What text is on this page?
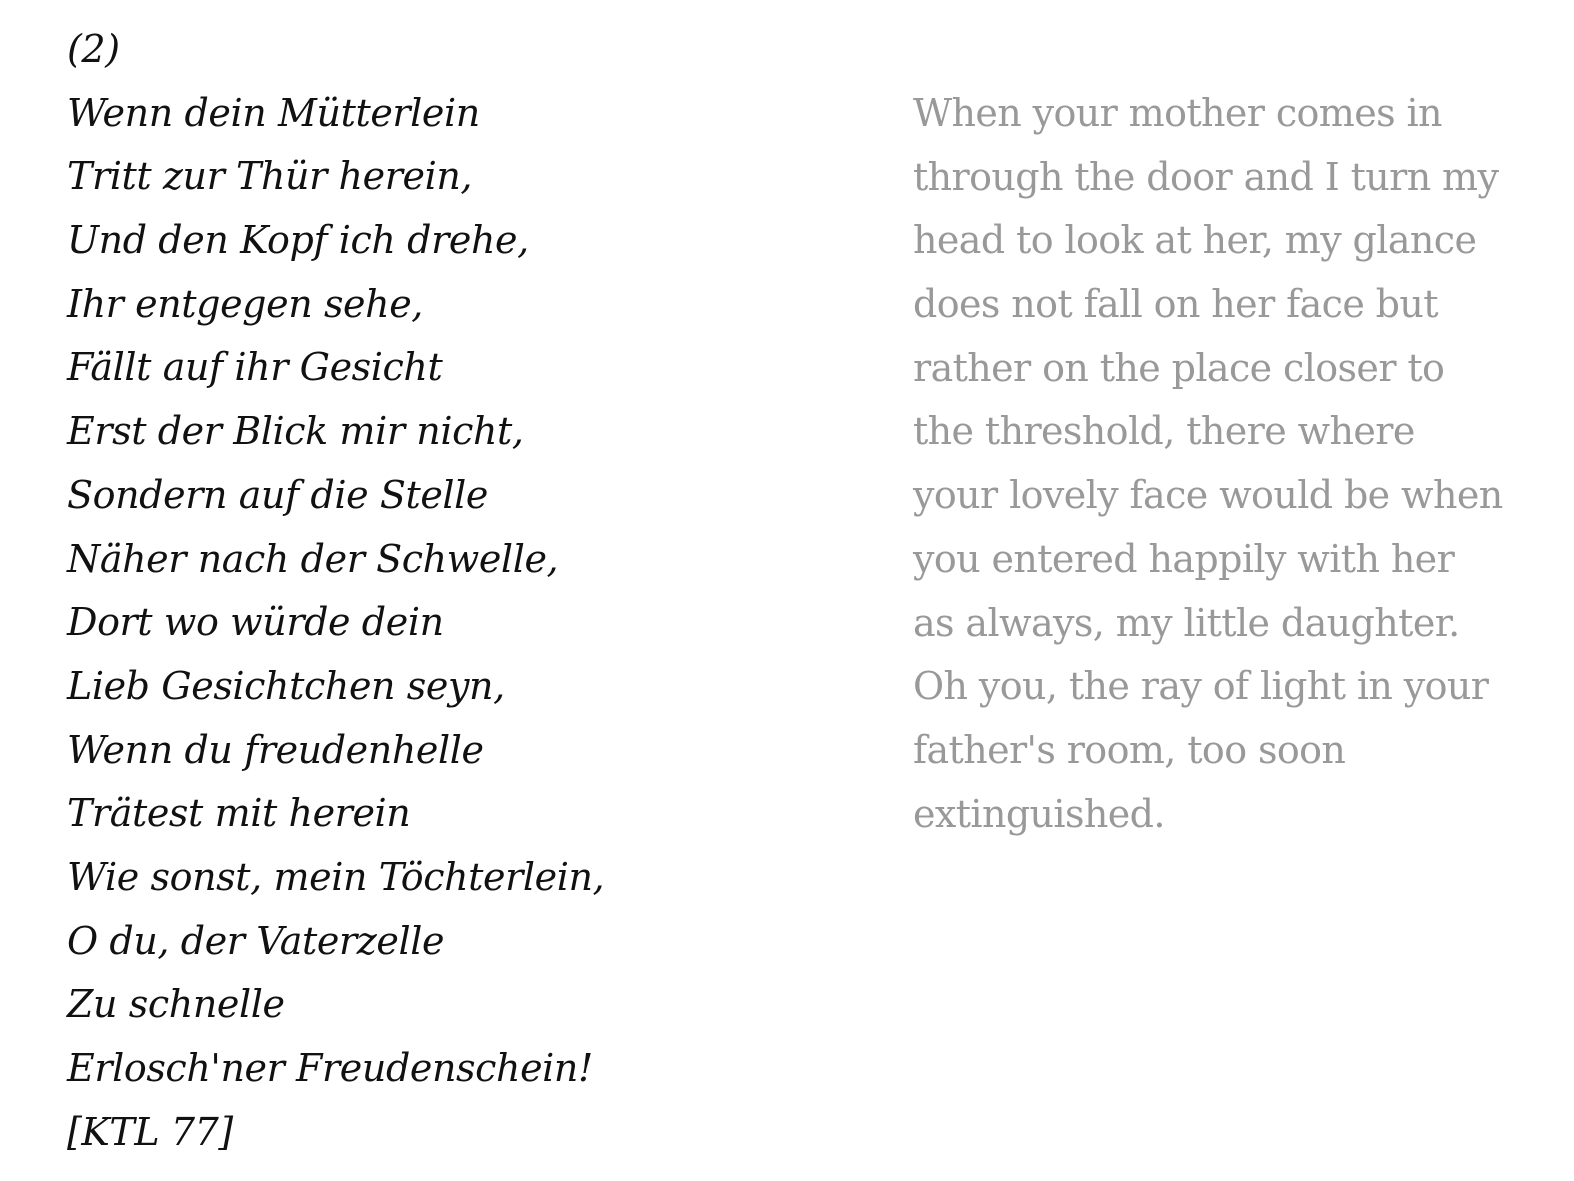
(2)
Wenn dein Mütterlein
Tritt zur Thür herein,
Und den Kopf ich drehe,
Ihr entgegen sehe,
Fällt auf ihr Gesicht
Erst der Blick mir nicht,
Sondern auf die Stelle
Näher nach der Schwelle,
Dort wo würde dein
Lieb Gesichtchen seyn,
Wenn du freudenhelle
Trätest mit herein
Wie sonst, mein Töchterlein,
O du, der Vaterzelle
Zu schnelle
Erlosch'ner Freudenschein!
[KTL 77]
When your mother comes in
through the door and I turn my
head to look at her, my glance
does not fall on her face but
rather on the place closer to
the threshold, there where
your lovely face would be when
you entered happily with her
as always, my little daughter.
Oh you, the ray of light in your
father's room, too soon
extinguished.
